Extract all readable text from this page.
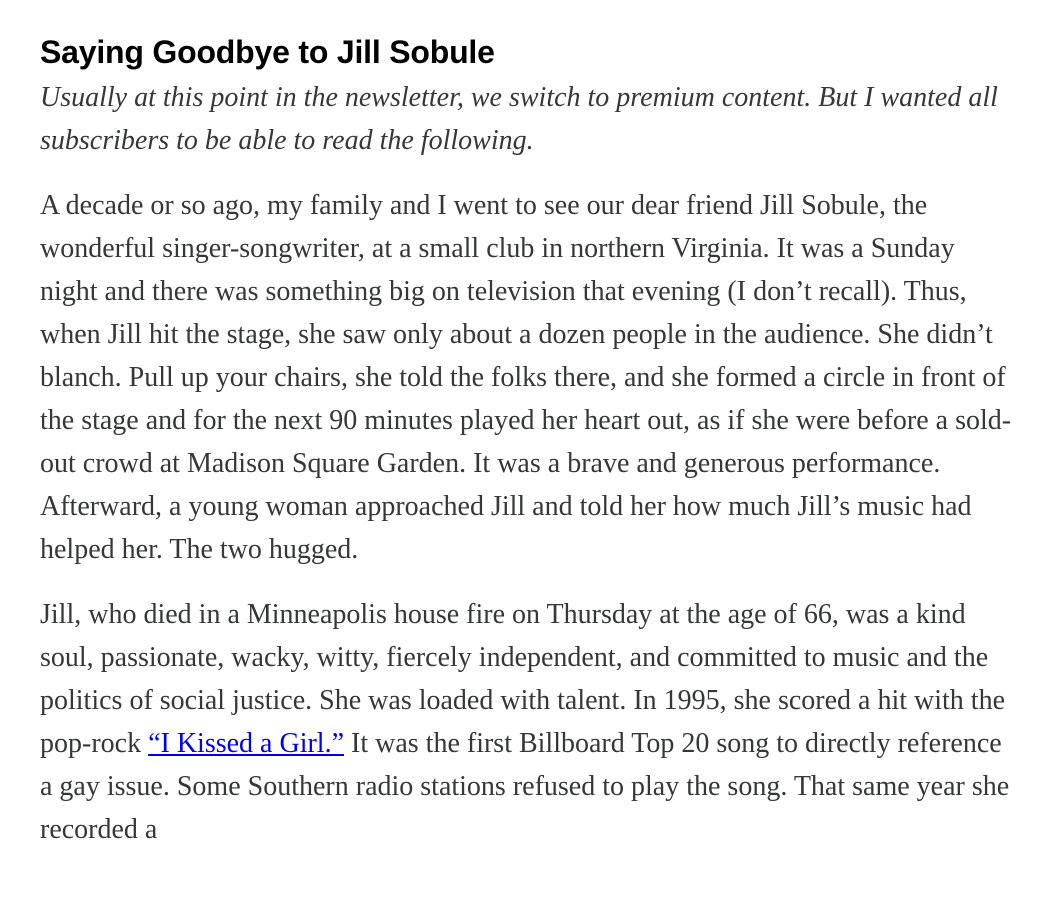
Saying Goodbye to Jill Sobule

Usually at this point in the newsletter, we switch to premium content. But I wanted all subscribers to be able to read the following.

A decade or so ago, my family and I went to see our dear friend Jill Sobule, the wonderful singer-songwriter, at a small club in northern Virginia. It was a Sunday night and there was something big on television that evening (I don’t recall). Thus, when Jill hit the stage, she saw only about a dozen people in the audience. She didn’t blanch. Pull up your chairs, she told the folks there, and she formed a circle in front of the stage and for the next 90 minutes played her heart out, as if she were before a sold-out crowd at Madison Square Garden. It was a brave and generous performance. Afterward, a young woman approached Jill and told her how much Jill’s music had helped her. The two hugged.

Jill, who died in a Minneapolis house fire on Thursday at the age of 66, was a kind soul, passionate, wacky, witty, fiercely independent, and committed to music and the politics of social justice. She was loaded with talent. In 1995, she scored a hit with the pop-rock “I Kissed a Girl.” It was the first Billboard Top 20 song to directly reference a gay issue. Some Southern radio stations refused to play the song. That same year she recorded a
